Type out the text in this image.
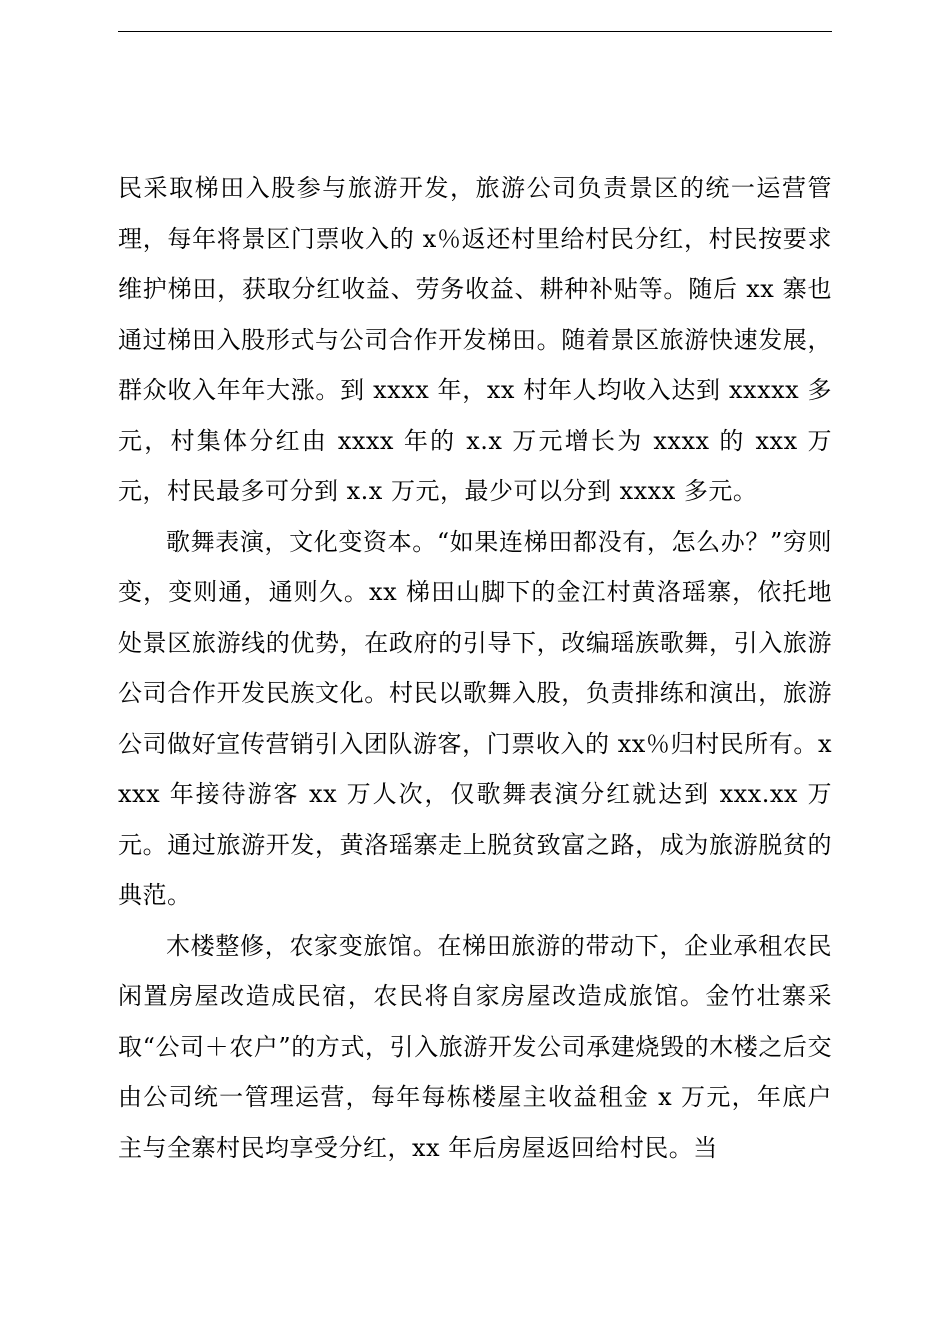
民采取梯田入股参与旅游开发，旅游公司负责景区的统一运营管理，每年将景区门票收入的 x％返还村里给村民分红，村民按要求维护梯田，获取分红收益、劳务收益、耕种补贴等。随后 xx 寨也通过梯田入股形式与公司合作开发梯田。随着景区旅游快速发展，群众收入年年大涨。到 xxxx 年，xx 村年人均收入达到 xxxxx 多元，村集体分红由 xxxx 年的 x.x 万元增长为 xxxx 的 xxx 万元，村民最多可分到 x.x 万元，最少可以分到 xxxx 多元。

歌舞表演，文化变资本。“如果连梯田都没有，怎么办？”穷则变，变则通，通则久。xx 梯田山脚下的金江村黄洛瑶寨，依托地处景区旅游线的优势，在政府的引导下，改编瑶族歌舞，引入旅游公司合作开发民族文化。村民以歌舞入股，负责排练和演出，旅游公司做好宣传营销引入团队游客，门票收入的 xx％归村民所有。xxxx 年接待游客 xx 万人次，仅歌舞表演分红就达到 xxx.xx 万元。通过旅游开发，黄洛瑶寨走上脱贫致富之路，成为旅游脱贫的典范。

木楼整修，农家变旅馆。在梯田旅游的带动下，企业承租农民闲置房屋改造成民宿，农民将自家房屋改造成旅馆。金竹壮寨采取“公司＋农户”的方式，引入旅游开发公司承建烧毁的木楼之后交由公司统一管理运营，每年每栋楼屋主收益租金 x 万元，年底户主与全寨村民均享受分红，xx 年后房屋返回给村民。当
